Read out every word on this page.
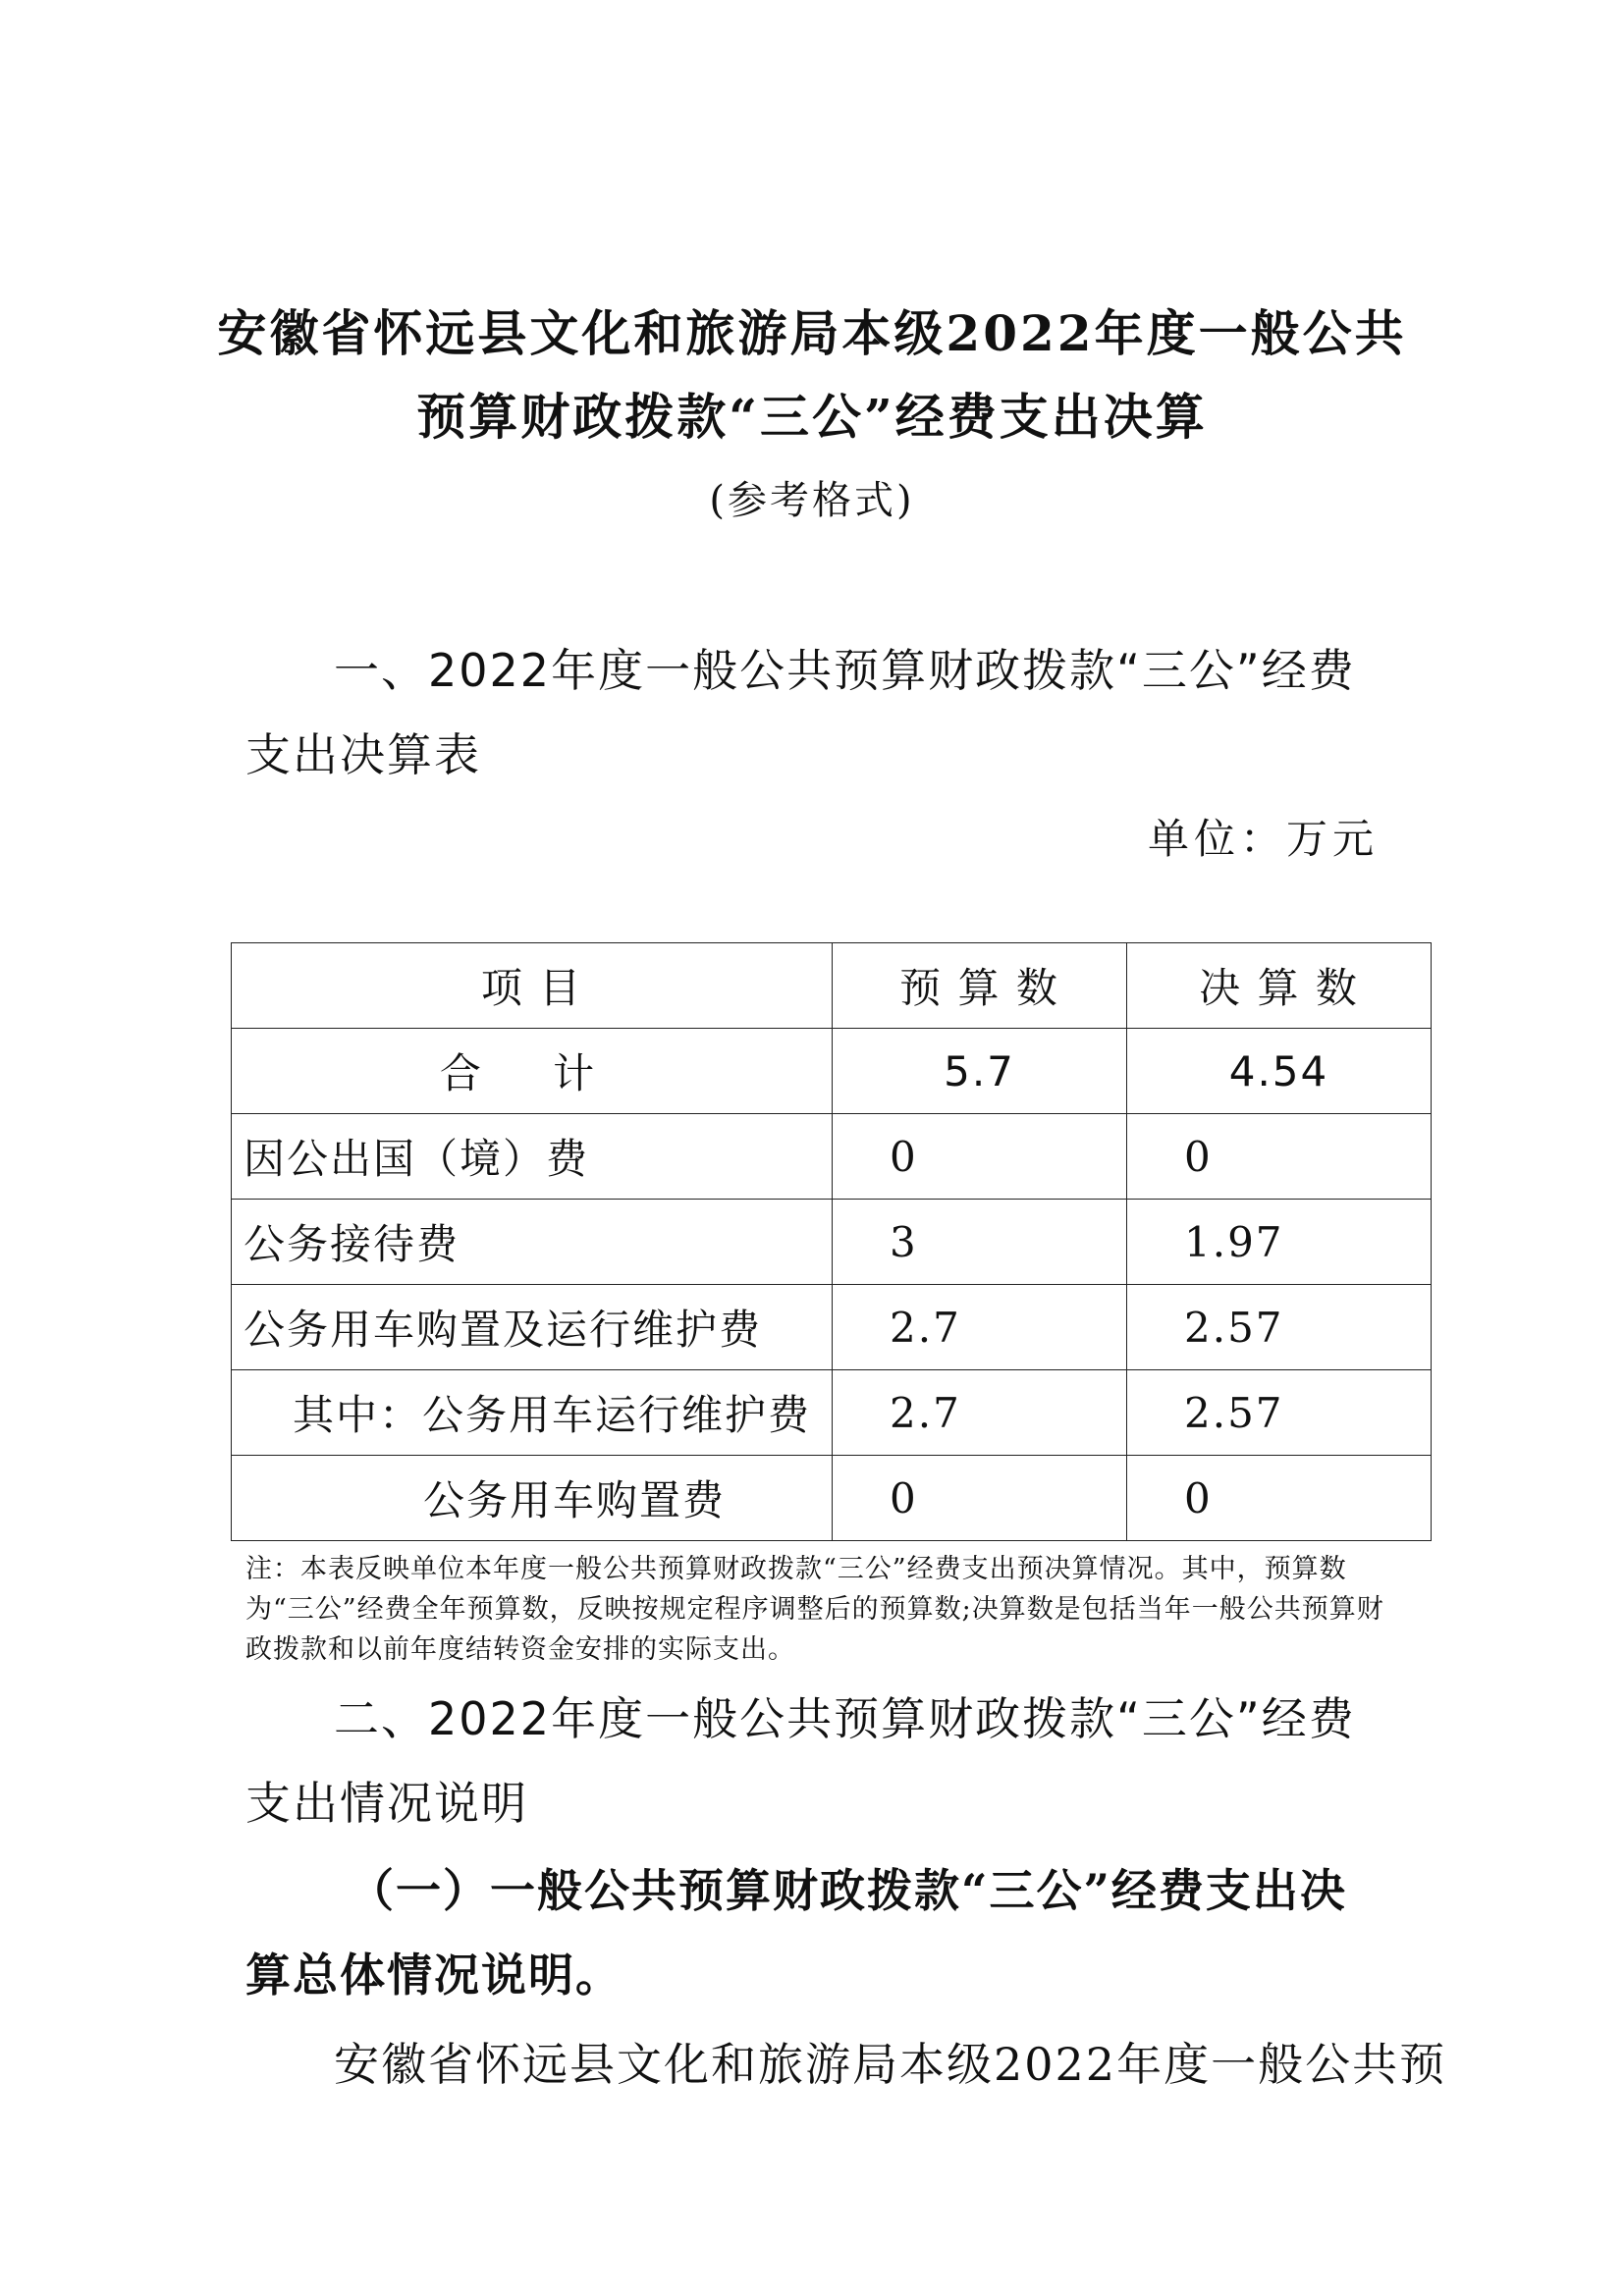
安徽省怀远县文化和旅游局本级2022年度一般公共
预算财政拨款“三公”经费支出决算
(参考格式)
一、2022年度一般公共预算财政拨款“三公”经费支出决算表
单位：万元
项 目	预 算 数	决 算 数
合 计	5.7	4.54
因公出国（境）费	0	0
公务接待费	3	1.97
公务用车购置及运行维护费	2.7	2.57
其中：公务用车运行维护费	2.7	2.57
公务用车购置费	0	0
注：本表反映单位本年度一般公共预算财政拨款“三公”经费支出预决算情况。其中，预算数为“三公”经费全年预算数，反映按规定程序调整后的预算数;决算数是包括当年一般公共预算财政拨款和以前年度结转资金安排的实际支出。
二、2022年度一般公共预算财政拨款“三公”经费支出情况说明
（一）一般公共预算财政拨款“三公”经费支出决算总体情况说明。
安徽省怀远县文化和旅游局本级2022年度一般公共预
